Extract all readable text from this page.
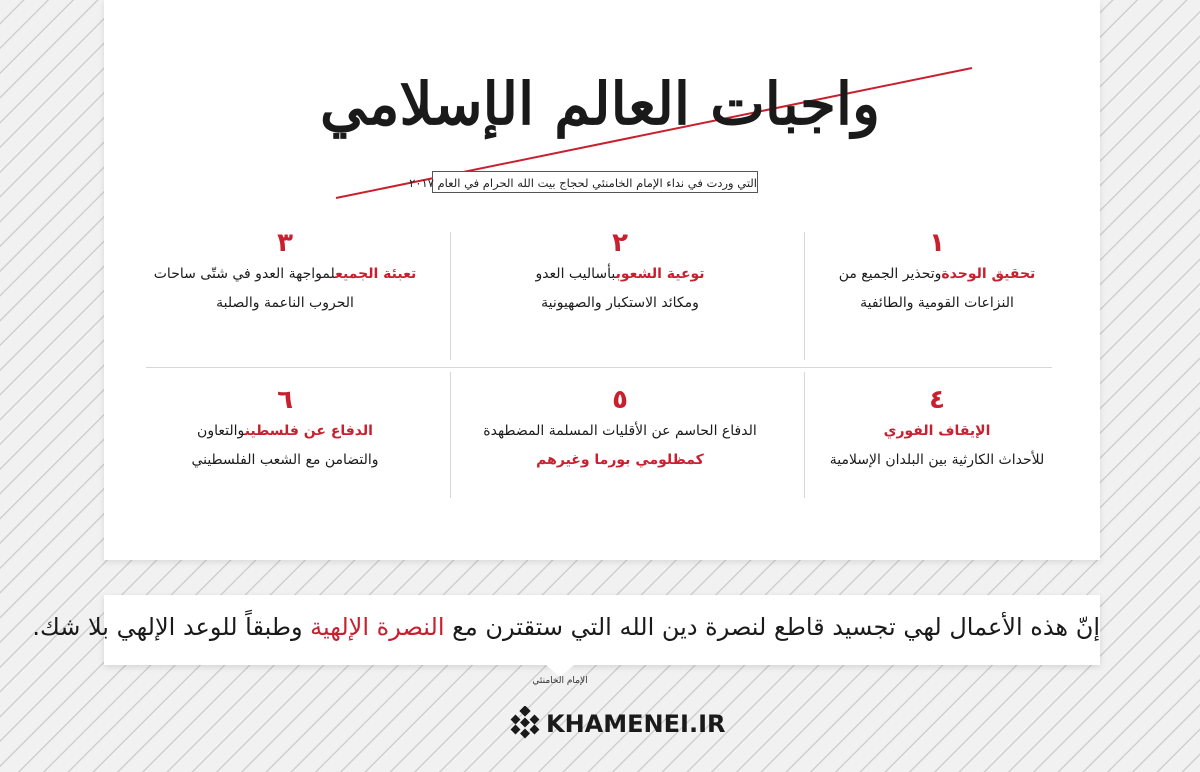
واجبات العالم الإسلامي
التي وردت في نداء الإمام الخامنئي لحجاج بيت الله الحرام في العام ٢٠١٧
١
تحقيق الوحدةوتحذير الجميع من
النزاعات القومية والطائفية
٢
توعية الشعوببأساليب العدو
ومكائد الاستكبار والصهيونية
٣
تعبئة الجميعلمواجهة العدو في شتّى ساحات
الحروب الناعمة والصلبة
٤
الإيقاف الفوري
للأحداث الكارثية بين البلدان الإسلامية
٥
الدفاع الحاسم عن الأقليات المسلمة المضطهدة
كمظلومي بورما وغيرهم
٦
الدفاع عن فلسطينوالتعاون
والتضامن مع الشعب الفلسطيني
إنّ هذه الأعمال لهي تجسيد قاطع لنصرة دين الله التي ستقترن مع النصرة الإلهية وطبقاً للوعد الإلهي بلا شك.
الإمام الخامنئي
KHAMENEI.IR
